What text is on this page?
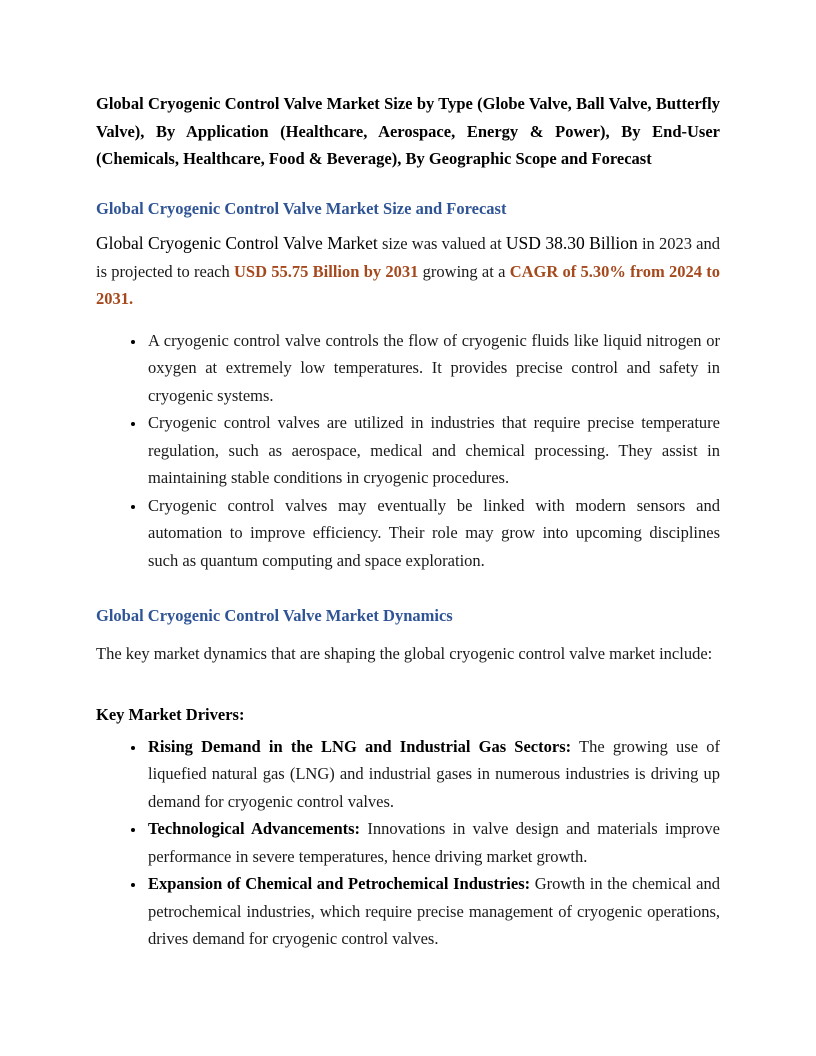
Global Cryogenic Control Valve Market Size by Type (Globe Valve, Ball Valve, Butterfly Valve), By Application (Healthcare, Aerospace, Energy & Power), By End-User (Chemicals, Healthcare, Food & Beverage), By Geographic Scope and Forecast
Global Cryogenic Control Valve Market Size and Forecast

Global Cryogenic Control Valve Market size was valued at USD 38.30 Billion in 2023 and is projected to reach USD 55.75 Billion by 2031 growing at a CAGR of 5.30% from 2024 to 2031.

• A cryogenic control valve controls the flow of cryogenic fluids like liquid nitrogen or oxygen at extremely low temperatures. It provides precise control and safety in cryogenic systems.
• Cryogenic control valves are utilized in industries that require precise temperature regulation, such as aerospace, medical and chemical processing. They assist in maintaining stable conditions in cryogenic procedures.
• Cryogenic control valves may eventually be linked with modern sensors and automation to improve efficiency. Their role may grow into upcoming disciplines such as quantum computing and space exploration.
Global Cryogenic Control Valve Market Dynamics

The key market dynamics that are shaping the global cryogenic control valve market include:

Key Market Drivers:
• Rising Demand in the LNG and Industrial Gas Sectors: The growing use of liquefied natural gas (LNG) and industrial gases in numerous industries is driving up demand for cryogenic control valves.
• Technological Advancements: Innovations in valve design and materials improve performance in severe temperatures, hence driving market growth.
• Expansion of Chemical and Petrochemical Industries: Growth in the chemical and petrochemical industries, which require precise management of cryogenic operations, drives demand for cryogenic control valves.
